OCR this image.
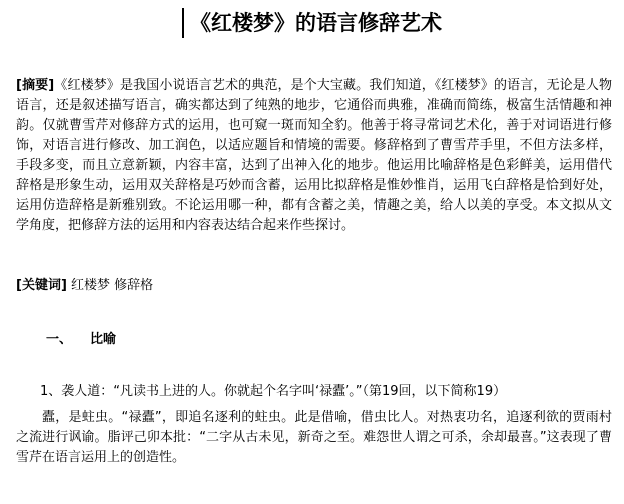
《红楼梦》的语言修辞艺术

[摘要]《红楼梦》是我国小说语言艺术的典范，是个大宝藏。我们知道，《红楼梦》的语言，无论是人物语言，还是叙述描写语言，确实都达到了纯熟的地步，它通俗而典雅，准确而简练，极富生活情趣和神韵。仅就曹雪芹对修辞方式的运用，也可窥一斑而知全豹。他善于将寻常词艺术化，善于对词语进行修饰，对语言进行修改、加工润色，以适应题旨和情境的需要。修辞格到了曹雪芹手里，不但方法多样，手段多变，而且立意新颖，内容丰富，达到了出神入化的地步。他运用比喻辞格是色彩鲜美，运用借代辞格是形象生动，运用双关辞格是巧妙而含蓄，运用比拟辞格是惟妙惟肖，运用飞白辞格是恰到好处，运用仿造辞格是新雅别致。不论运用哪一种，都有含蓄之美，情趣之美，给人以美的享受。本文拟从文学角度，把修辞方法的运用和内容表达结合起来作些探讨。

[关键词] 红楼梦 修辞格

一、 比喻

1、袭人道：“凡读书上进的人。你就起个名字叫‘禄蠹’。”（第19回，以下简称19）

蠹，是蛀虫。“禄蠹”，即追名逐利的蛀虫。此是借喻，借虫比人。对热衷功名，追逐利欲的贾雨村之流进行讽谕。脂评己卯本批：“二字从古未见，新奇之至。难怨世人谓之可杀，余却最喜。”这表现了曹雪芹在语言运用上的创造性。
